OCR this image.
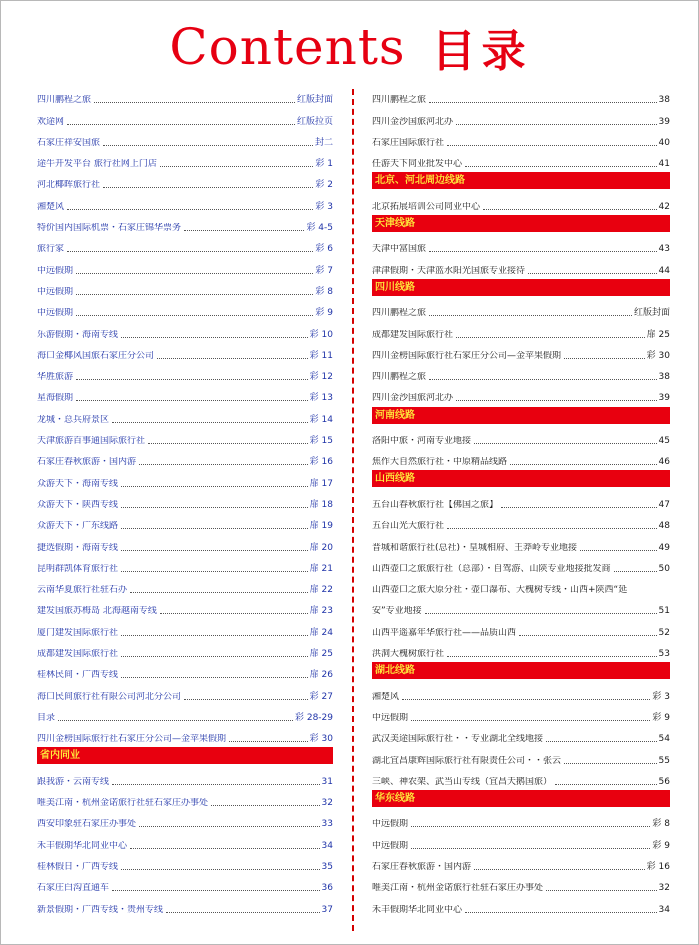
Contents 目录
四川鹏程之旅	红版封面
欢途网	红版拉页
石家庄祥安国旅	封二
途牛开发平台 旅行社网上门店	彩 1
河北椰晖旅行社	彩 2
湘楚风	彩 3
特价国内国际机票・石家庄锦华票务	彩 4-5
旅行家	彩 6
中远假期	彩 7
中远假期	彩 8
中远假期	彩 9
乐游假期・海南专线	彩 10
海口金椰风国旅石家庄分公司	彩 11
华胜旅游	彩 12
星海假期	彩 13
龙城・总兵府景区	彩 14
天津旅游百事通国际旅行社	彩 15
石家庄春秋旅游・国内游	彩 16
众游天下・海南专线	扉 17
众游天下・陕西专线	扉 18
众游天下・广东线路	扉 19
捷选假期・海南专线	扉 20
昆明群凯体育旅行社	扉 21
云南华夏旅行社驻石办	扉 22
建发国旅苏梅岛 北海越南专线	扉 23
厦门建发国际旅行社	扉 24
成都建发国际旅行社	扉 25
桂林民间・广西专线	扉 26
海口民间旅行社有限公司河北分公司	彩 27
目录	彩 28-29
四川金榜国际旅行社石家庄分公司—金苹果假期	彩 30
省内同业
跟我游・云南专线	31
唯美江南・杭州金诺旅行社驻石家庄办事处	32
西安印象驻石家庄办事处	33
禾丰假期华北同业中心	34
桂林假日・广西专线	35
石家庄白沟直通车	36
新景假期・广西专线・贵州专线	37
四川鹏程之旅	38
四川金沙国旅河北办	39
石家庄国际旅行社	40
任游天下同业批发中心	41
北京、河北周边线路
北京拓展培训公司同业中心	42
天津线路
天津中富国旅	43
津津假期・天津蓝水阳光国旅专业接待	44
四川线路
四川鹏程之旅	红版封面
成都建发国际旅行社	扉 25
四川金榜国际旅行社石家庄分公司—金苹果假期	彩 30
四川鹏程之旅	38
四川金沙国旅河北办	39
河南线路
洛阳中旅・河南专业地接	45
焦作大自然旅行社・中原精品线路	46
山西线路
五台山春秋旅行社【佛国之旅】	47
五台山光大旅行社	48
晋城和谐旅行社(总社)・皇城相府、王莽岭专业地接	49
山西壶口之旅旅行社（总部）・自驾游、山陕专业地接批发商	50
山西壶口之旅大原分社・壶口瀑布、大槐树专线・山西+陕西“延
安”专业地接	51
山西平遥嘉年华旅行社——品质山西	52
洪洞大槐树旅行社	53
湖北线路
湘楚风	彩 3
中远假期	彩 9
武汉美途国际旅行社・・专业湖北全线地接	54
湖北宜昌康辉国际旅行社有限责任公司・・张云	55
三峡、神农架、武当山专线（宜昌天鹅国旅）	56
华东线路
中远假期	彩 8
中远假期	彩 9
石家庄春秋旅游・国内游	彩 16
唯美江南・杭州金诺旅行社驻石家庄办事处	32
禾丰假期华北同业中心	34
